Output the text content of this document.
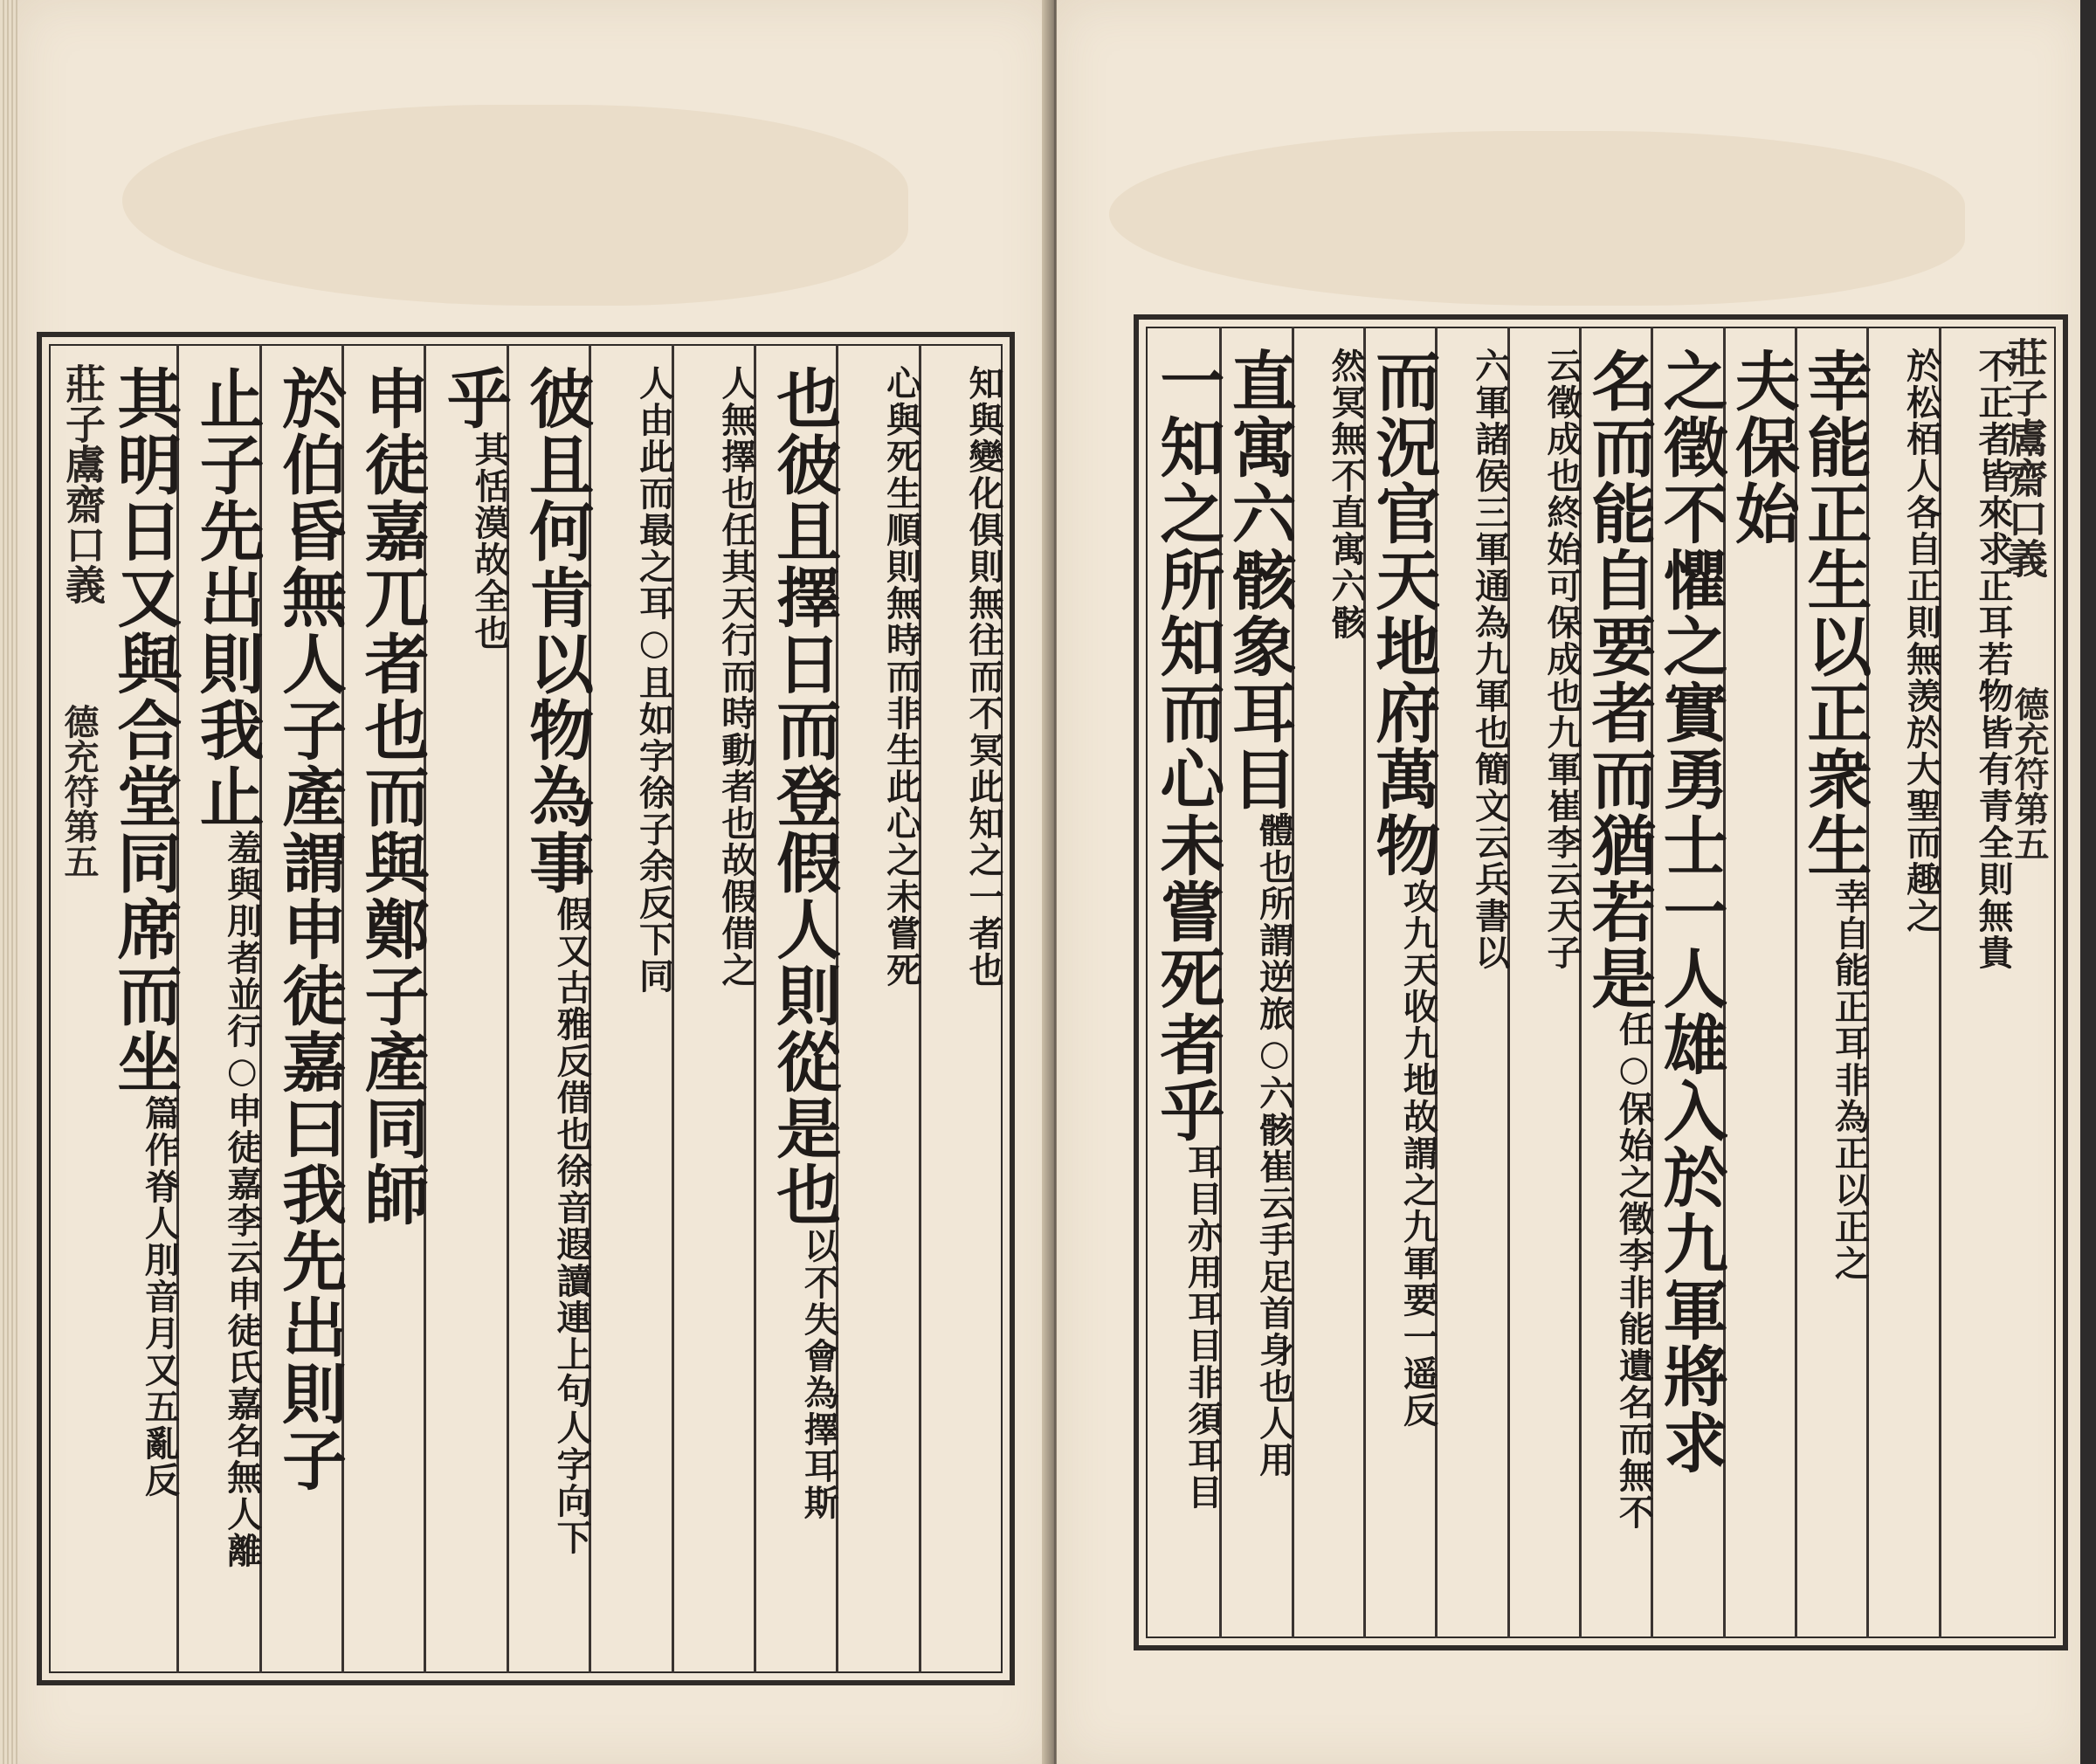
知與變化俱則無往而不冥此知之一者也
心與死生順則無時而非生此心之未嘗死
也彼且擇日而登假人則從是也
以不失會為擇耳斯
人無擇也任其天行而時動者也故假借之
人由此而最之耳○且如字徐子余反下同
彼且何肯以物為事
假又古雅反借也徐音遐讀連上句人字向下
乎
其恬漠故全也
申徒嘉兀者也而與鄭子產同師
於伯昏無人子產謂申徒嘉曰我先出則子
止子先出則我止
羞與刖者並行○申徒嘉李云申徒氏嘉名無人離
其明日又與合堂同席而坐
篇作脊人刖音月又五亂反
莊子鬳齋口義
德充符第五	不正者皆來求正耳若物皆有青全則無貴
於松栢人各自正則無羡於大聖而趣之
幸能正生以正衆生
幸自能正耳非為正以正之
夫保始
之徵不懼之實勇士一人雄入於九軍將求
名而能自要者而猶若是
任○保始之徵李非能遺名而無不
云徵成也終始可保成也九軍崔李云天子
六軍諸侯三軍通為九軍也簡文云兵書以
而況官天地府萬物
攻九天收九地故謂之九軍要一遥反
然冥無不直寓六骸
直寓六骸象耳目
體也所謂逆旅○六骸崔云手足首身也人用
一知之所知而心未嘗死者乎
耳目亦用耳目非須耳目
莊子鬳齋口義
德充符第五
